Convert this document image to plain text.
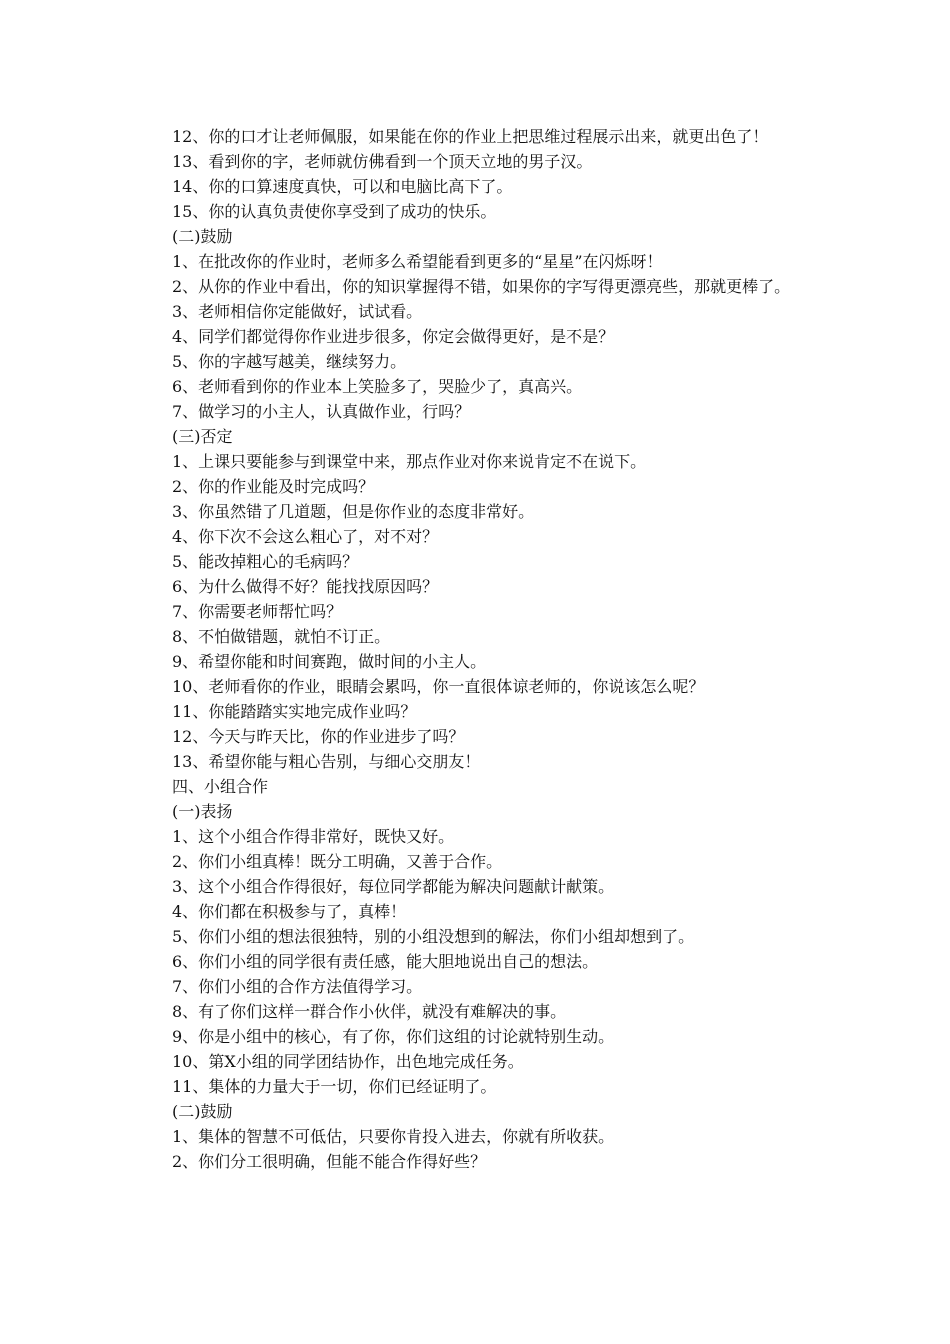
12、你的口才让老师佩服，如果能在你的作业上把思维过程展示出来，就更出色了！
13、看到你的字，老师就仿佛看到一个顶天立地的男子汉。
14、你的口算速度真快，可以和电脑比高下了。
15、你的认真负责使你享受到了成功的快乐。
(二)鼓励
1、在批改你的作业时，老师多么希望能看到更多的“星星”在闪烁呀！
2、从你的作业中看出，你的知识掌握得不错，如果你的字写得更漂亮些，那就更棒了。
3、老师相信你定能做好，试试看。
4、同学们都觉得你作业进步很多，你定会做得更好，是不是？
5、你的字越写越美，继续努力。
6、老师看到你的作业本上笑脸多了，哭脸少了，真高兴。
7、做学习的小主人，认真做作业，行吗？
(三)否定
1、上课只要能参与到课堂中来，那点作业对你来说肯定不在说下。
2、你的作业能及时完成吗？
3、你虽然错了几道题，但是你作业的态度非常好。
4、你下次不会这么粗心了，对不对？
5、能改掉粗心的毛病吗？
6、为什么做得不好？能找找原因吗？
7、你需要老师帮忙吗？
8、不怕做错题，就怕不订正。
9、希望你能和时间赛跑，做时间的小主人。
10、老师看你的作业，眼睛会累吗，你一直很体谅老师的，你说该怎么呢？
11、你能踏踏实实地完成作业吗？
12、今天与昨天比，你的作业进步了吗？
13、希望你能与粗心告别，与细心交朋友！
四、小组合作
(一)表扬
1、这个小组合作得非常好，既快又好。
2、你们小组真棒！既分工明确，又善于合作。
3、这个小组合作得很好，每位同学都能为解决问题献计献策。
4、你们都在积极参与了，真棒！
5、你们小组的想法很独特，别的小组没想到的解法，你们小组却想到了。
6、你们小组的同学很有责任感，能大胆地说出自己的想法。
7、你们小组的合作方法值得学习。
8、有了你们这样一群合作小伙伴，就没有难解决的事。
9、你是小组中的核心，有了你，你们这组的讨论就特别生动。
10、第X小组的同学团结协作，出色地完成任务。
11、集体的力量大于一切，你们已经证明了。
(二)鼓励
1、集体的智慧不可低估，只要你肯投入进去，你就有所收获。
2、你们分工很明确，但能不能合作得好些？
